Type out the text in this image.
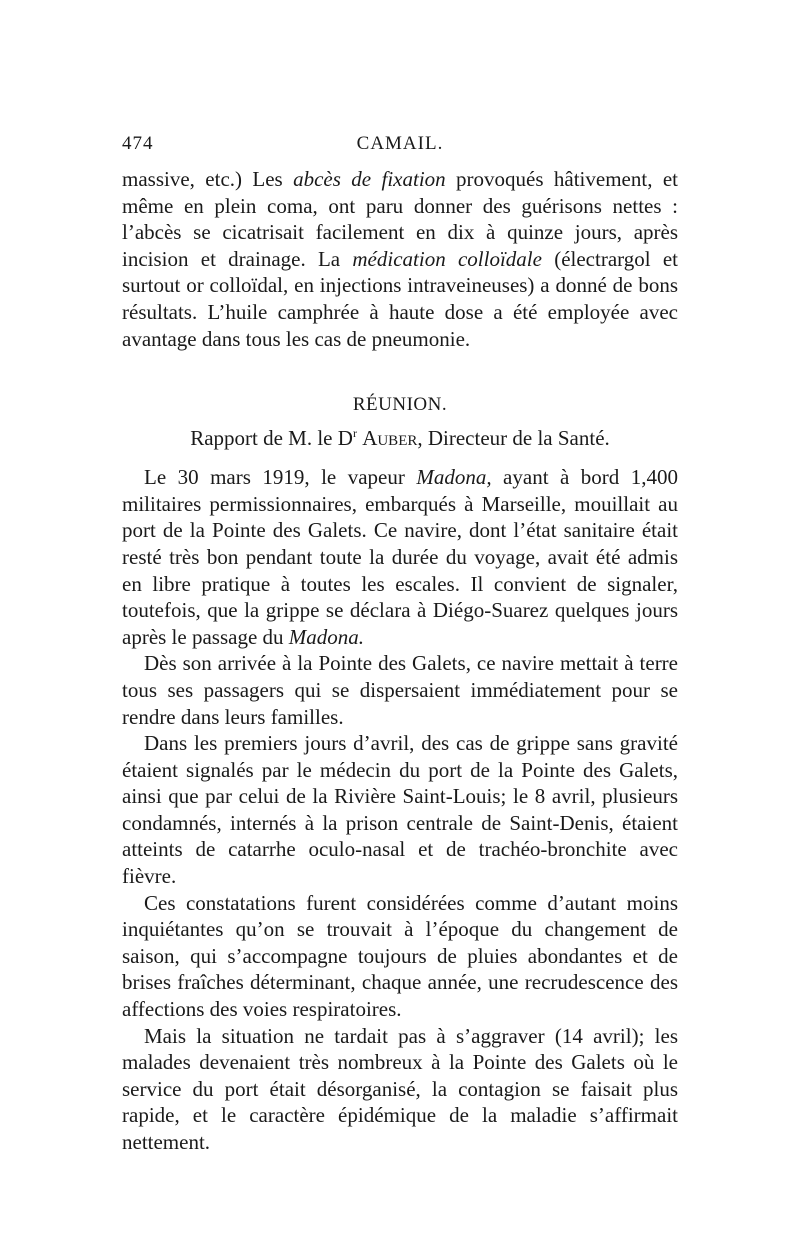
474	CAMAIL.

massive, etc.) Les abcès de fixation provoqués hâtivement, et même en plein coma, ont paru donner des guérisons nettes : l’abcès se cicatrisait facilement en dix à quinze jours, après incision et drainage. La médication colloïdale (électrargol et surtout or colloïdal, en injections intraveineuses) a donné de bons résultats. L’huile camphrée à haute dose a été employée avec avantage dans tous les cas de pneumonie.

RÉUNION.
Rapport de M. le $D^r$ Auber, Directeur de la Santé.

Le 30 mars 1919, le vapeur Madona, ayant à bord 1,400 militaires permissionnaires, embarqués à Marseille, mouillait au port de la Pointe des Galets. Ce navire, dont l’état sanitaire était resté très bon pendant toute la durée du voyage, avait été admis en libre pratique à toutes les escales. Il convient de signaler, toutefois, que la grippe se déclara à Diégo-Suarez quelques jours après le passage du Madona.

Dès son arrivée à la Pointe des Galets, ce navire mettait à terre tous ses passagers qui se dispersaient immédiatement pour se rendre dans leurs familles.

Dans les premiers jours d’avril, des cas de grippe sans gravité étaient signalés par le médecin du port de la Pointe des Galets, ainsi que par celui de la Rivière Saint-Louis; le 8 avril, plusieurs condamnés, internés à la prison centrale de Saint-Denis, étaient atteints de catarrhe oculo-nasal et de trachéo-bronchite avec fièvre.

Ces constatations furent considérées comme d’autant moins inquiétantes qu’on se trouvait à l’époque du changement de saison, qui s’accompagne toujours de pluies abondantes et de brises fraîches déterminant, chaque année, une recrudescence des affections des voies respiratoires.

Mais la situation ne tardait pas à s’aggraver (14 avril); les malades devenaient très nombreux à la Pointe des Galets où le service du port était désorganisé, la contagion se faisait plus rapide, et le caractère épidémique de la maladie s’affirmait nettement.
